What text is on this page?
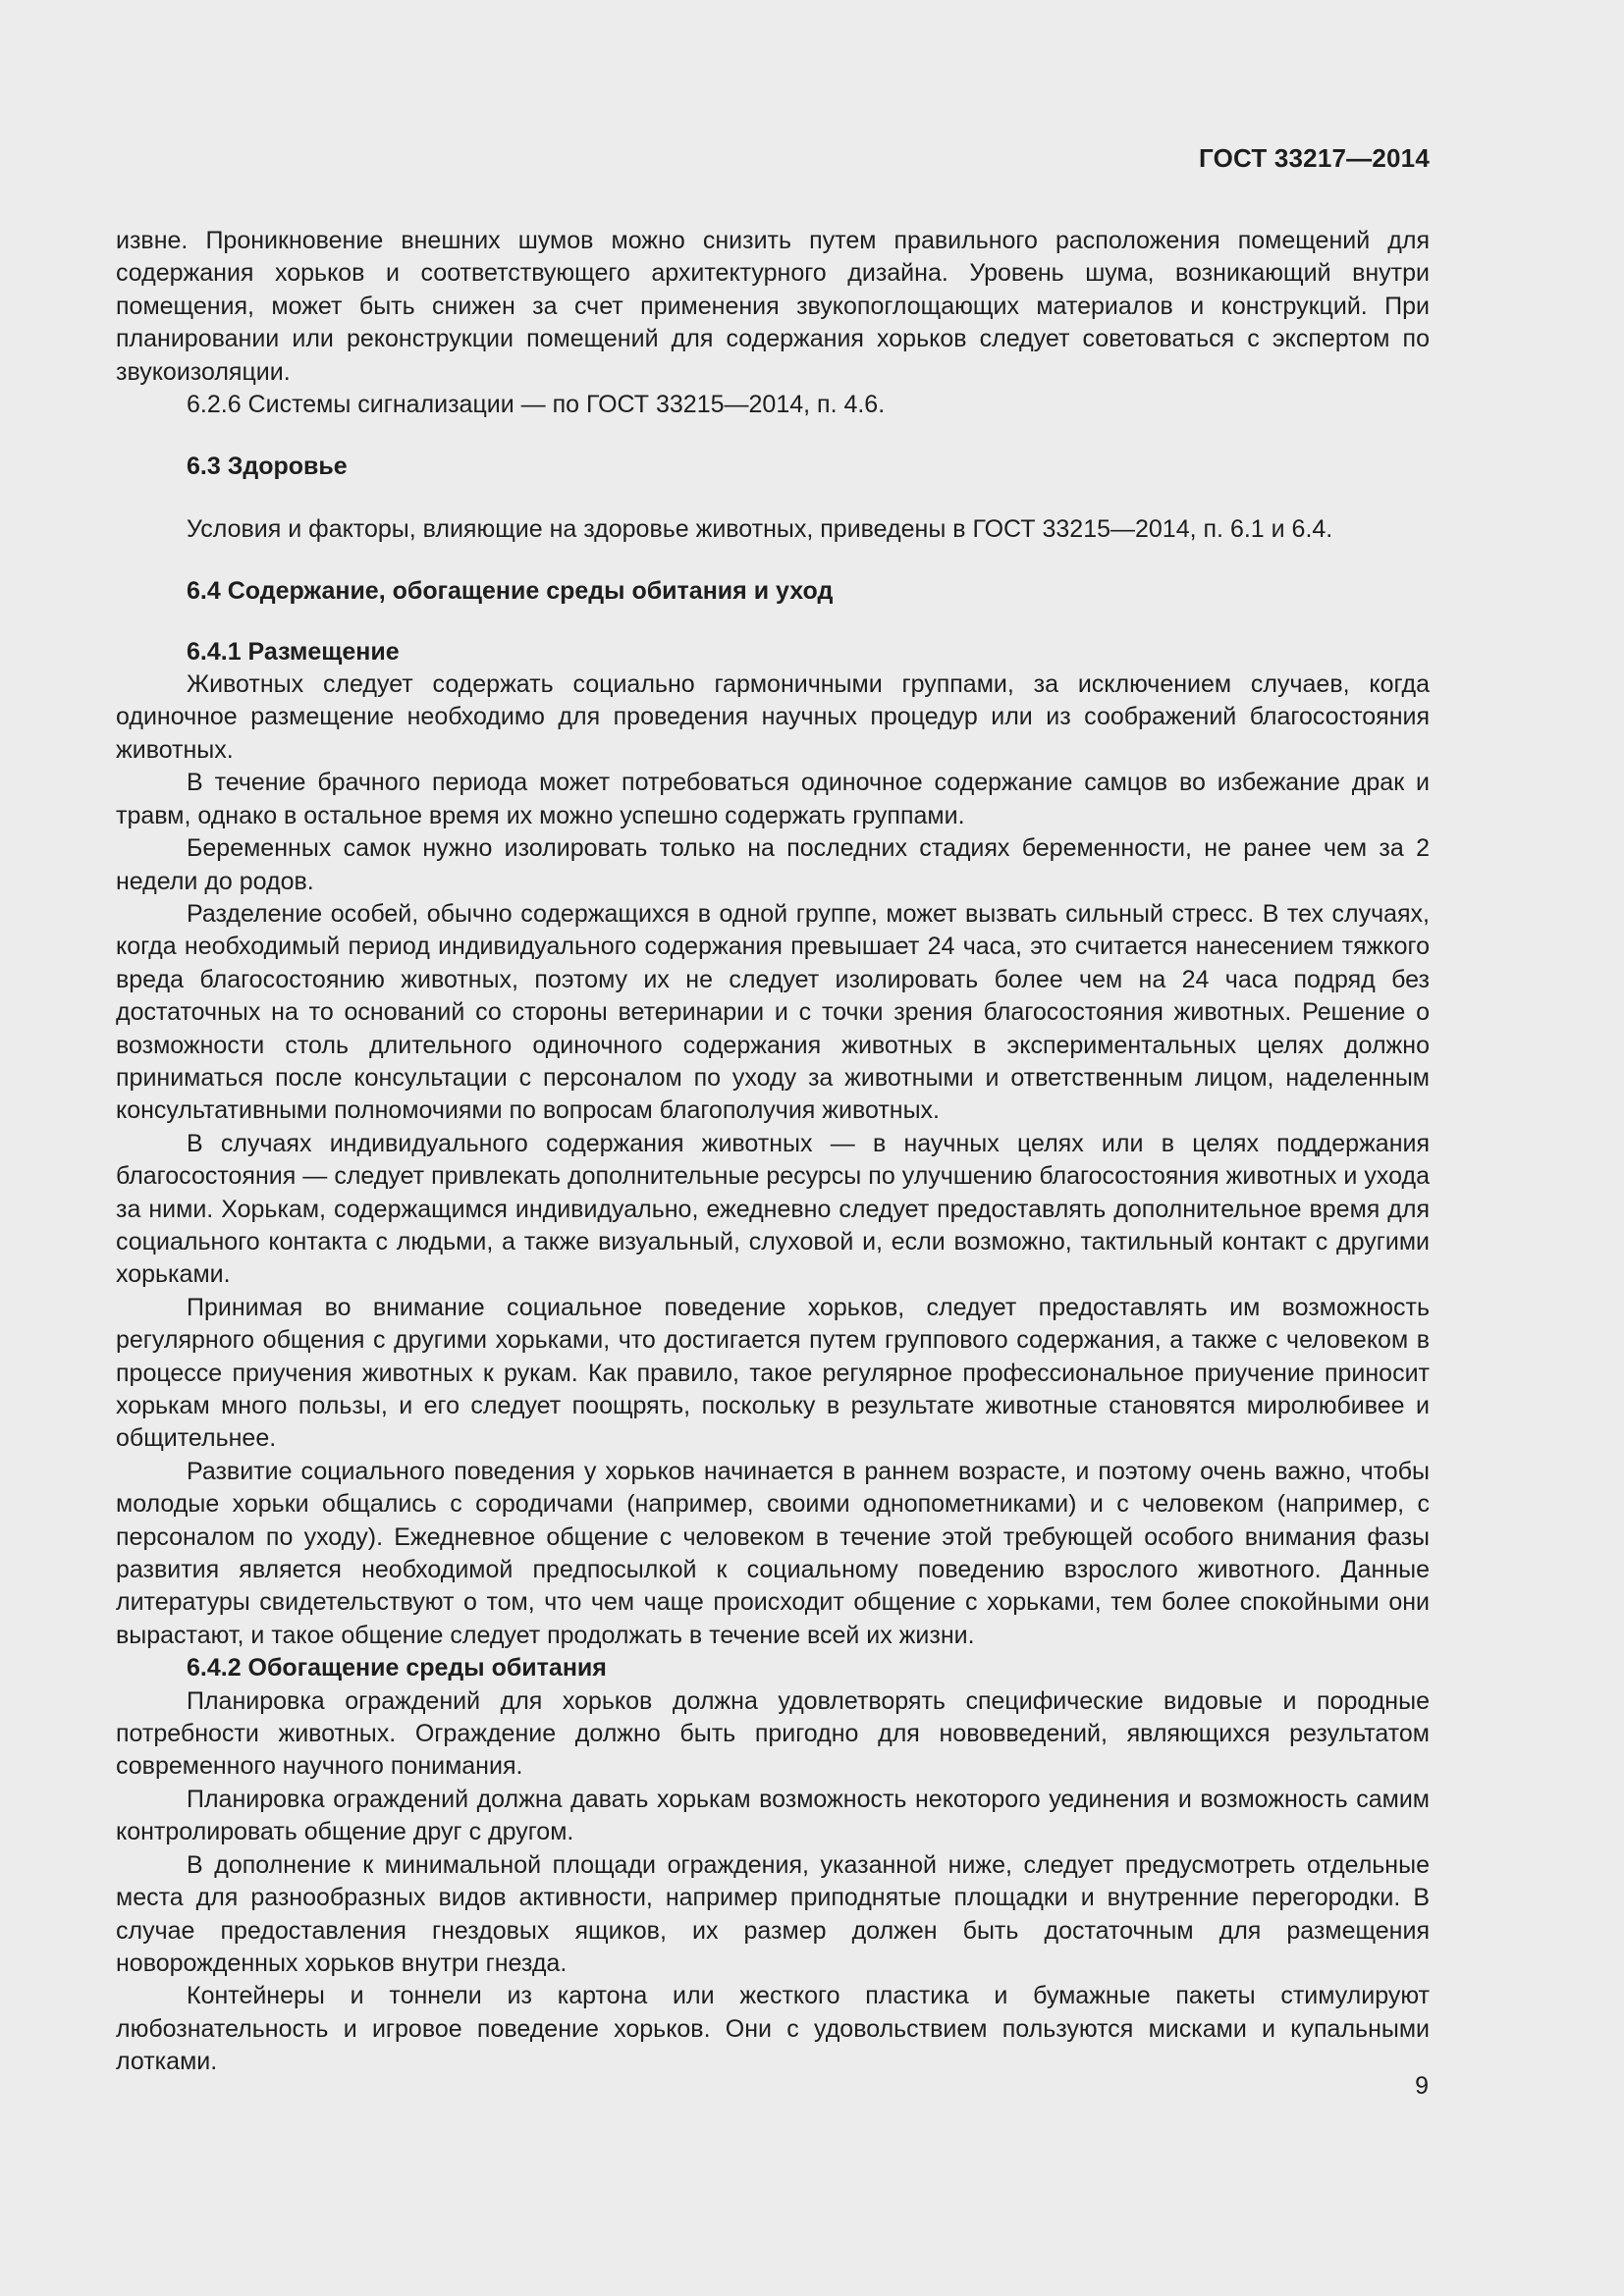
ГОСТ 33217—2014

извне. Проникновение внешних шумов можно снизить путем правильного расположения помещений для содержания хорьков и соответствующего архитектурного дизайна. Уровень шума, возникающий внутри помещения, может быть снижен за счет применения звукопоглощающих материалов и конструкций. При планировании или реконструкции помещений для содержания хорьков следует советоваться с экспертом по звукоизоляции.

6.2.6 Системы сигнализации — по ГОСТ 33215—2014, п. 4.6.

6.3 Здоровье

Условия и факторы, влияющие на здоровье животных, приведены в ГОСТ 33215—2014, п. 6.1 и 6.4.

6.4 Содержание, обогащение среды обитания и уход
6.4.1 Размещение

Животных следует содержать социально гармоничными группами, за исключением случаев, когда одиночное размещение необходимо для проведения научных процедур или из соображений благосостояния животных.

В течение брачного периода может потребоваться одиночное содержание самцов во избежание драк и травм, однако в остальное время их можно успешно содержать группами.

Беременных самок нужно изолировать только на последних стадиях беременности, не ранее чем за 2 недели до родов.

Разделение особей, обычно содержащихся в одной группе, может вызвать сильный стресс. В тех случаях, когда необходимый период индивидуального содержания превышает 24 часа, это считается нанесением тяжкого вреда благосостоянию животных, поэтому их не следует изолировать более чем на 24 часа подряд без достаточных на то оснований со стороны ветеринарии и с точки зрения благосостояния животных. Решение о возможности столь длительного одиночного содержания животных в экспериментальных целях должно приниматься после консультации с персоналом по уходу за животными и ответственным лицом, наделенным консультативными полномочиями по вопросам благополучия животных.

В случаях индивидуального содержания животных — в научных целях или в целях поддержания благосостояния — следует привлекать дополнительные ресурсы по улучшению благосостояния животных и ухода за ними. Хорькам, содержащимся индивидуально, ежедневно следует предоставлять дополнительное время для социального контакта с людьми, а также визуальный, слуховой и, если возможно, тактильный контакт с другими хорьками.

Принимая во внимание социальное поведение хорьков, следует предоставлять им возможность регулярного общения с другими хорьками, что достигается путем группового содержания, а также с человеком в процессе приучения животных к рукам. Как правило, такое регулярное профессиональное приучение приносит хорькам много пользы, и его следует поощрять, поскольку в результате животные становятся миролюбивее и общительнее.

Развитие социального поведения у хорьков начинается в раннем возрасте, и поэтому очень важно, чтобы молодые хорьки общались с сородичами (например, своими однопометниками) и с человеком (например, с персоналом по уходу). Ежедневное общение с человеком в течение этой требующей особого внимания фазы развития является необходимой предпосылкой к социальному поведению взрослого животного. Данные литературы свидетельствуют о том, что чем чаще происходит общение с хорьками, тем более спокойными они вырастают, и такое общение следует продолжать в течение всей их жизни.

6.4.2 Обогащение среды обитания

Планировка ограждений для хорьков должна удовлетворять специфические видовые и породные потребности животных. Ограждение должно быть пригодно для нововведений, являющихся результатом современного научного понимания.

Планировка ограждений должна давать хорькам возможность некоторого уединения и возможность самим контролировать общение друг с другом.

В дополнение к минимальной площади ограждения, указанной ниже, следует предусмотреть отдельные места для разнообразных видов активности, например приподнятые площадки и внутренние перегородки. В случае предоставления гнездовых ящиков, их размер должен быть достаточным для размещения новорожденных хорьков внутри гнезда.

Контейнеры и тоннели из картона или жесткого пластика и бумажные пакеты стимулируют любознательность и игровое поведение хорьков. Они с удовольствием пользуются мисками и купальными лотками.

9
